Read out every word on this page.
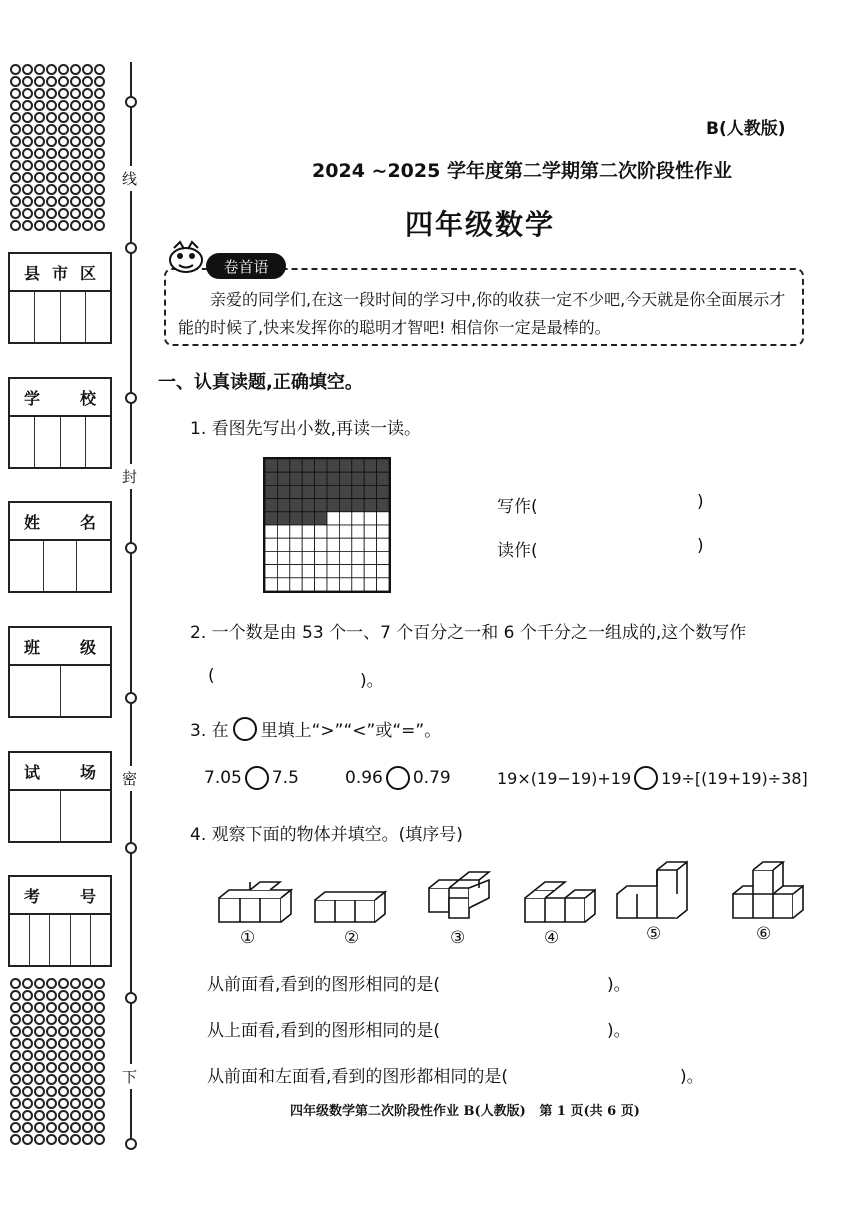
县 市 区
学 校
姓 名
班 级
试 场
考 号
线
封
密
下
B(人教版)
2024 ~2025 学年度第二学期第二次阶段性作业
四年级数学
亲爱的同学们,在这一段时间的学习中,你的收获一定不少吧,今天就是你全面展示才能的时候了,快来发挥你的聪明才智吧! 相信你一定是最棒的。
卷首语
一、认真读题,正确填空。
1. 看图先写出小数,再读一读。
写作(	)
读作(	)
2. 一个数是由 53 个一、7 个百分之一和 6 个千分之一组成的,这个数写作
(	)。
3. 在 里填上“>”“<”或“=”。
7.05 7.5	0.96 0.79	19×(19−19)+19 19÷[(19+19)÷38]
4. 观察下面的物体并填空。(填序号)
①	②	③	④	⑤	⑥
从前面看,看到的图形相同的是(	)。
从上面看,看到的图形相同的是(	)。
从前面和左面看,看到的图形都相同的是(	)。
四年级数学第二次阶段性作业 B(人教版)   第 1 页(共 6 页)
